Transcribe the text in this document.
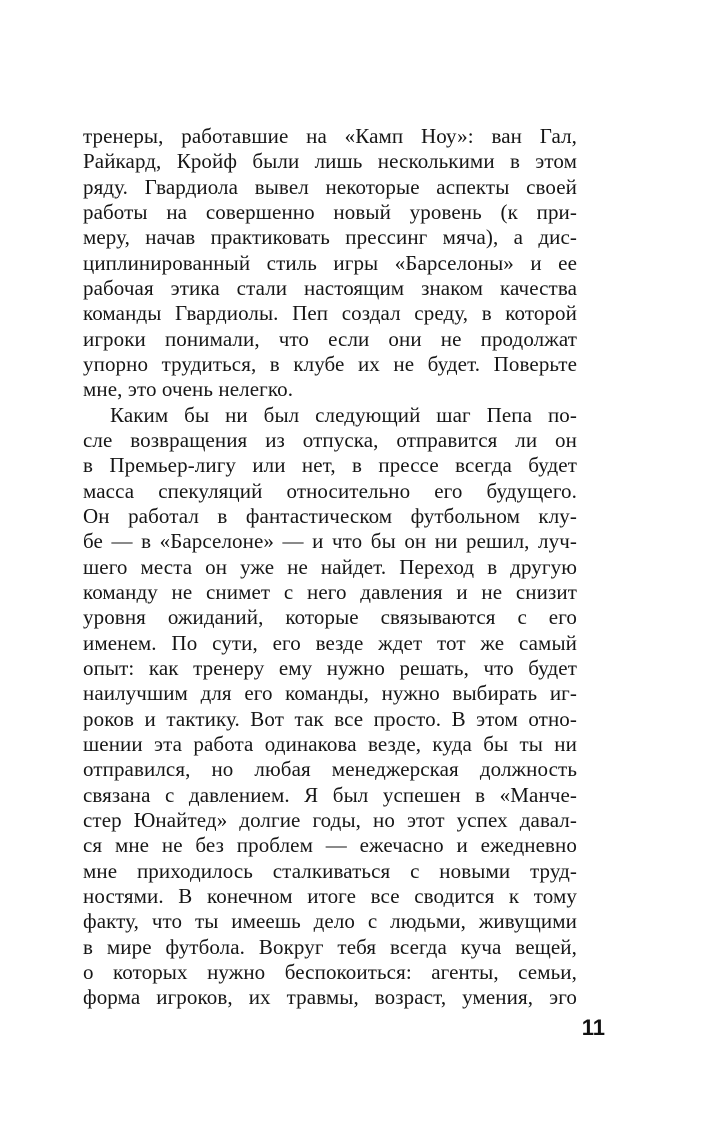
тренеры, работавшие на «Камп Ноу»: ван Гал,
Райкард, Кройф были лишь несколькими в этом
ряду. Гвардиола вывел некоторые аспекты своей
работы на совершенно новый уровень (к при-
меру, начав практиковать прессинг мяча), а дис-
циплинированный стиль игры «Барселоны» и ее
рабочая этика стали настоящим знаком качества
команды Гвардиолы. Пеп создал среду, в которой
игроки понимали, что если они не продолжат
упорно трудиться, в клубе их не будет. Поверьте
мне, это очень нелегко.
Каким бы ни был следующий шаг Пепа по-
сле возвращения из отпуска, отправится ли он
в Премьер-лигу или нет, в прессе всегда будет
масса спекуляций относительно его будущего.
Он работал в фантастическом футбольном клу-
бе — в «Барселоне» — и что бы он ни решил, луч-
шего места он уже не найдет. Переход в другую
команду не снимет с него давления и не снизит
уровня ожиданий, которые связываются с его
именем. По сути, его везде ждет тот же самый
опыт: как тренеру ему нужно решать, что будет
наилучшим для его команды, нужно выбирать иг-
роков и тактику. Вот так все просто. В этом отно-
шении эта работа одинакова везде, куда бы ты ни
отправился, но любая менеджерская должность
связана с давлением. Я был успешен в «Манче-
стер Юнайтед» долгие годы, но этот успех давал-
ся мне не без проблем — ежечасно и ежедневно
мне приходилось сталкиваться с новыми труд-
ностями. В конечном итоге все сводится к тому
факту, что ты имеешь дело с людьми, живущими
в мире футбола. Вокруг тебя всегда куча вещей,
о которых нужно беспокоиться: агенты, семьи,
форма игроков, их травмы, возраст, умения, эго
11
